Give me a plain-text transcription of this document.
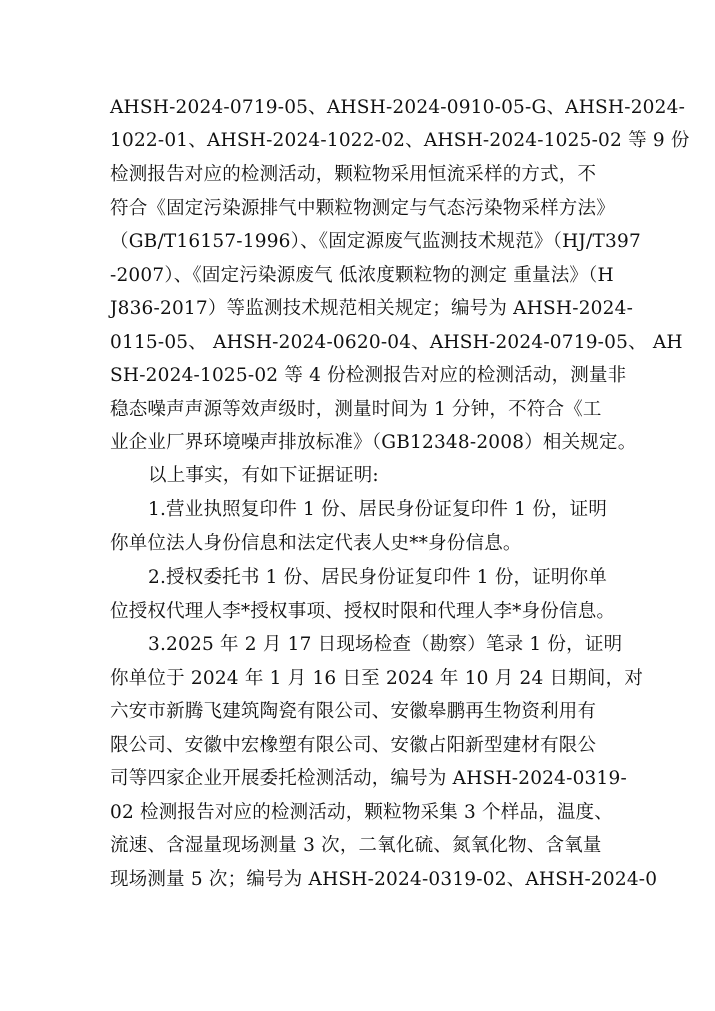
AHSH-2024-0719-05、AHSH-2024-0910-05-G、AHSH-2024-
1022-01、AHSH-2024-1022-02、AHSH-2024-1025-02 等 9 份
检测报告对应的检测活动，颗粒物采用恒流采样的方式，不
符合《固定污染源排气中颗粒物测定与气态污染物采样方法》
（GB/T16157-1996）、《固定源废气监测技术规范》（HJ/T397
-2007）、《固定污染源废气 低浓度颗粒物的测定 重量法》（H
J836-2017）等监测技术规范相关规定；编号为 AHSH-2024-
0115-05、 AHSH-2024-0620-04、AHSH-2024-0719-05、 AH
SH-2024-1025-02 等 4 份检测报告对应的检测活动，测量非
稳态噪声声源等效声级时，测量时间为 1 分钟，不符合《工
业企业厂界环境噪声排放标准》（GB12348-2008）相关规定。
以上事实，有如下证据证明:
1.营业执照复印件 1 份、居民身份证复印件 1 份，证明
你单位法人身份信息和法定代表人史**身份信息。
2.授权委托书 1 份、居民身份证复印件 1 份，证明你单
位授权代理人李*授权事项、授权时限和代理人李*身份信息。
3.2025 年 2 月 17 日现场检查（勘察）笔录 1 份，证明
你单位于 2024 年 1 月 16 日至 2024 年 10 月 24 日期间，对
六安市新腾飞建筑陶瓷有限公司、安徽皋鹏再生物资利用有
限公司、安徽中宏橡塑有限公司、安徽占阳新型建材有限公
司等四家企业开展委托检测活动，编号为 AHSH-2024-0319-
02 检测报告对应的检测活动，颗粒物采集 3 个样品，温度、
流速、含湿量现场测量 3 次，二氧化硫、氮氧化物、含氧量
现场测量 5 次；编号为 AHSH-2024-0319-02、AHSH-2024-0
